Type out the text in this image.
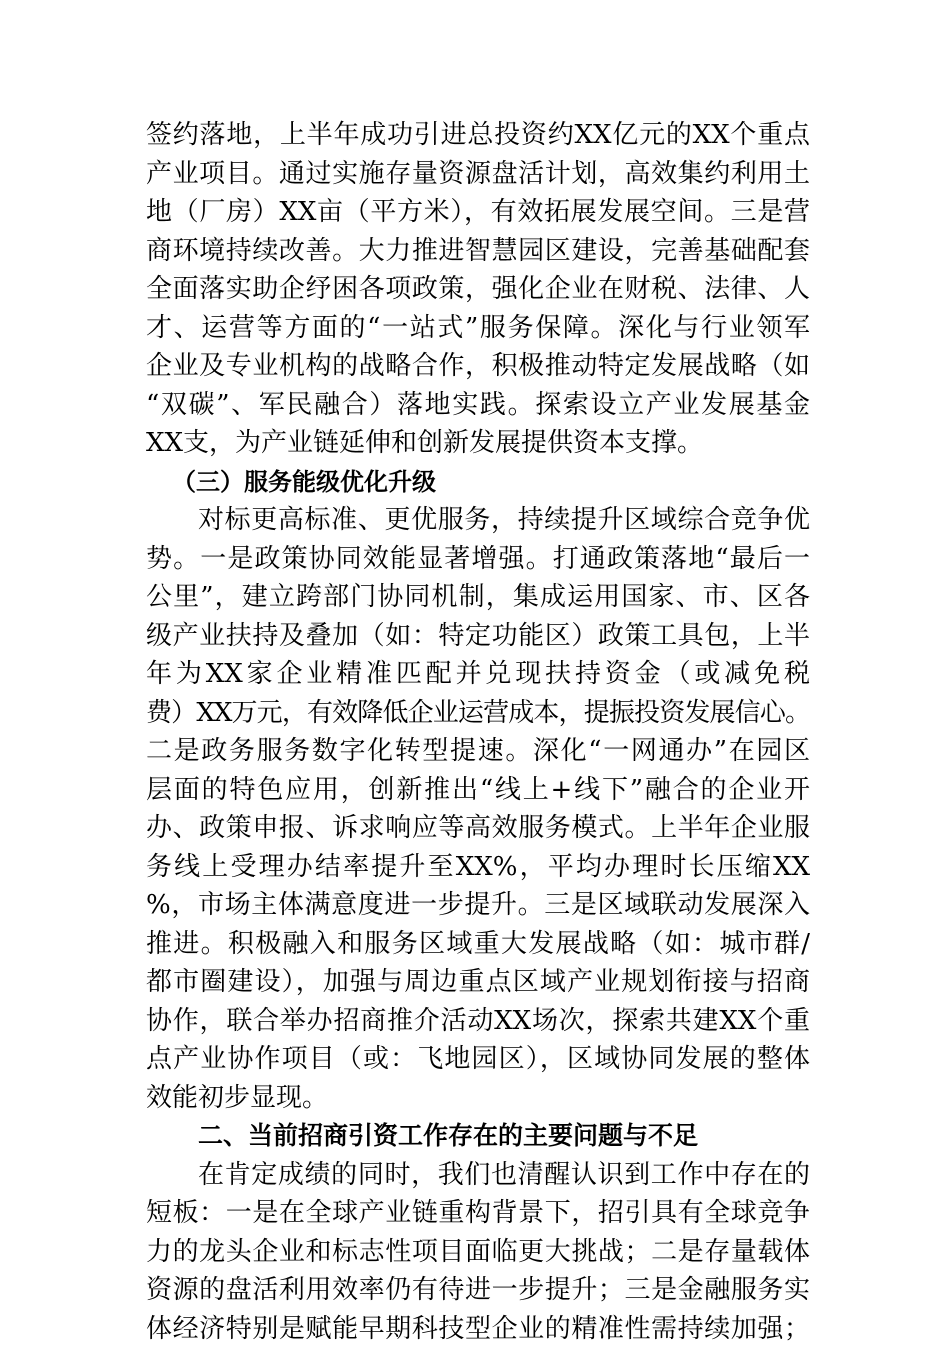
签约落地，上半年成功引进总投资约XX亿元的XX个重点
产业项目。通过实施存量资源盘活计划，高效集约利用土
地（厂房）XX亩（平方米），有效拓展发展空间。三是营
商环境持续改善。大力推进智慧园区建设，完善基础配套
全面落实助企纾困各项政策，强化企业在财税、法律、人
才、运营等方面的“一站式”服务保障。深化与行业领军
企业及专业机构的战略合作，积极推动特定发展战略（如
“双碳”、军民融合）落地实践。探索设立产业发展基金
XX支，为产业链延伸和创新发展提供资本支撑。
（三）服务能级优化升级
对标更高标准、更优服务，持续提升区域综合竞争优
势。一是政策协同效能显著增强。打通政策落地“最后一
公里”，建立跨部门协同机制，集成运用国家、市、区各
级产业扶持及叠加（如：特定功能区）政策工具包，上半
年为XX家企业精准匹配并兑现扶持资金（或减免税
费）XX万元，有效降低企业运营成本，提振投资发展信心。
二是政务服务数字化转型提速。深化“一网通办”在园区
层面的特色应用，创新推出“线上+线下”融合的企业开
办、政策申报、诉求响应等高效服务模式。上半年企业服
务线上受理办结率提升至XX%，平均办理时长压缩XX
%，市场主体满意度进一步提升。三是区域联动发展深入
推进。积极融入和服务区域重大发展战略（如：城市群/
都市圈建设），加强与周边重点区域产业规划衔接与招商
协作，联合举办招商推介活动XX场次，探索共建XX个重
点产业协作项目（或：飞地园区），区域协同发展的整体
效能初步显现。
二、当前招商引资工作存在的主要问题与不足
在肯定成绩的同时，我们也清醒认识到工作中存在的
短板：一是在全球产业链重构背景下，招引具有全球竞争
力的龙头企业和标志性项目面临更大挑战；二是存量载体
资源的盘活利用效率仍有待进一步提升；三是金融服务实
体经济特别是赋能早期科技型企业的精准性需持续加强；
